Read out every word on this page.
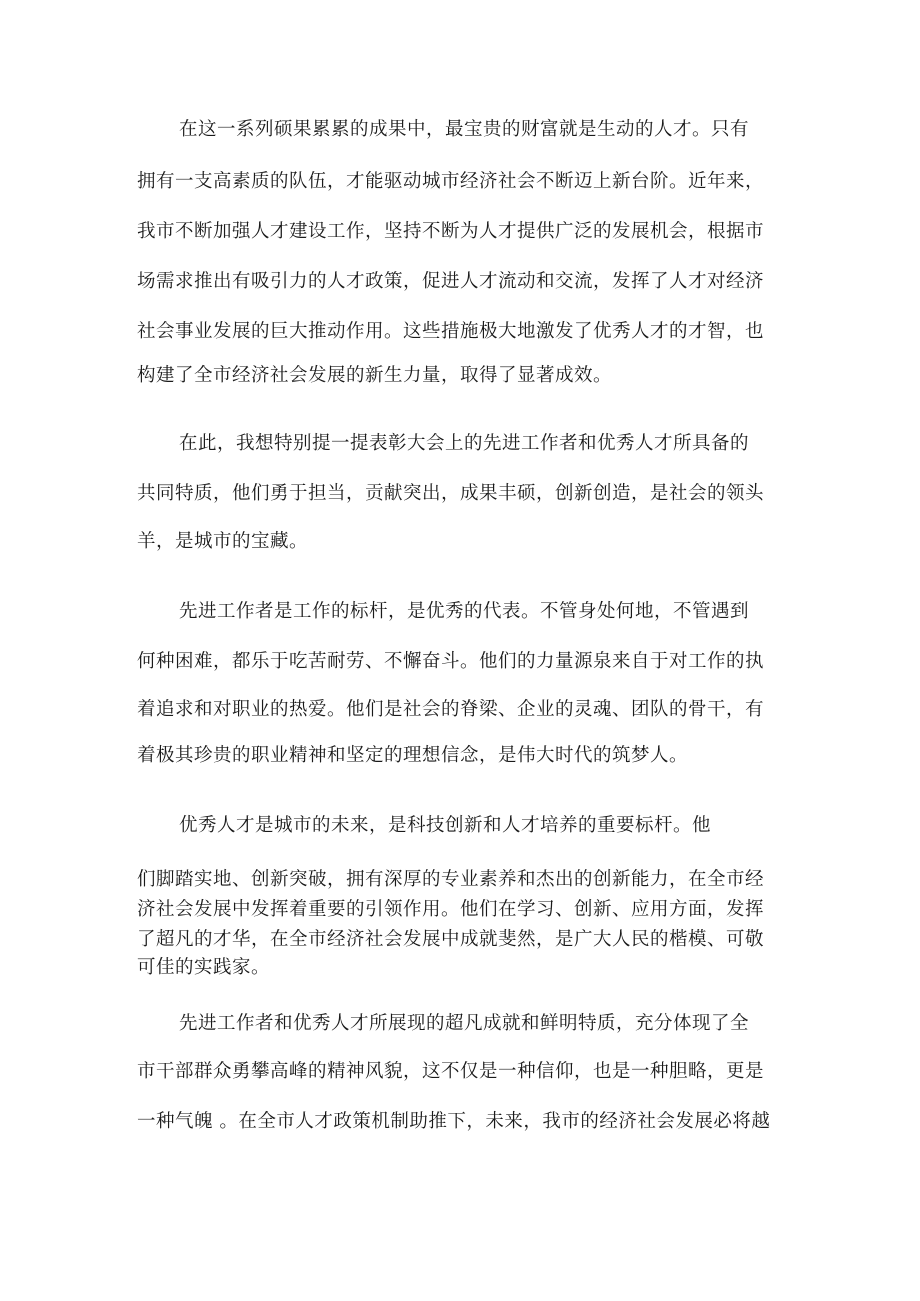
在这一系列硕果累累的成果中，最宝贵的财富就是生动的人才。只有
拥有一支高素质的队伍，才能驱动城市经济社会不断迈上新台阶。近年来，
我市不断加强人才建设工作，坚持不断为人才提供广泛的发展机会，根据市
场需求推出有吸引力的人才政策，促进人才流动和交流，发挥了人才对经济
社会事业发展的巨大推动作用。这些措施极大地激发了优秀人才的才智，也
构建了全市经济社会发展的新生力量，取得了显著成效。
在此，我想特别提一提表彰大会上的先进工作者和优秀人才所具备的
共同特质，他们勇于担当，贡献突出，成果丰硕，创新创造，是社会的领头
羊，是城市的宝藏。
先进工作者是工作的标杆，是优秀的代表。不管身处何地，不管遇到
何种困难，都乐于吃苦耐劳、不懈奋斗。他们的力量源泉来自于对工作的执
着追求和对职业的热爱。他们是社会的脊梁、企业的灵魂、团队的骨干，有
着极其珍贵的职业精神和坚定的理想信念，是伟大时代的筑梦人。
优秀人才是城市的未来，是科技创新和人才培养的重要标杆。他
们脚踏实地、创新突破，拥有深厚的专业素养和杰出的创新能力，在全市经
济社会发展中发挥着重要的引领作用。他们在学习、创新、应用方面，发挥
了超凡的才华，在全市经济社会发展中成就斐然，是广大人民的楷模、可敬
可佳的实践家。
先进工作者和优秀人才所展现的超凡成就和鲜明特质，充分体现了全
市干部群众勇攀高峰的精神风貌，这不仅是一种信仰，也是一种胆略，更是
一种气魄 。在全市人才政策机制助推下，未来，我市的经济社会发展必将越
